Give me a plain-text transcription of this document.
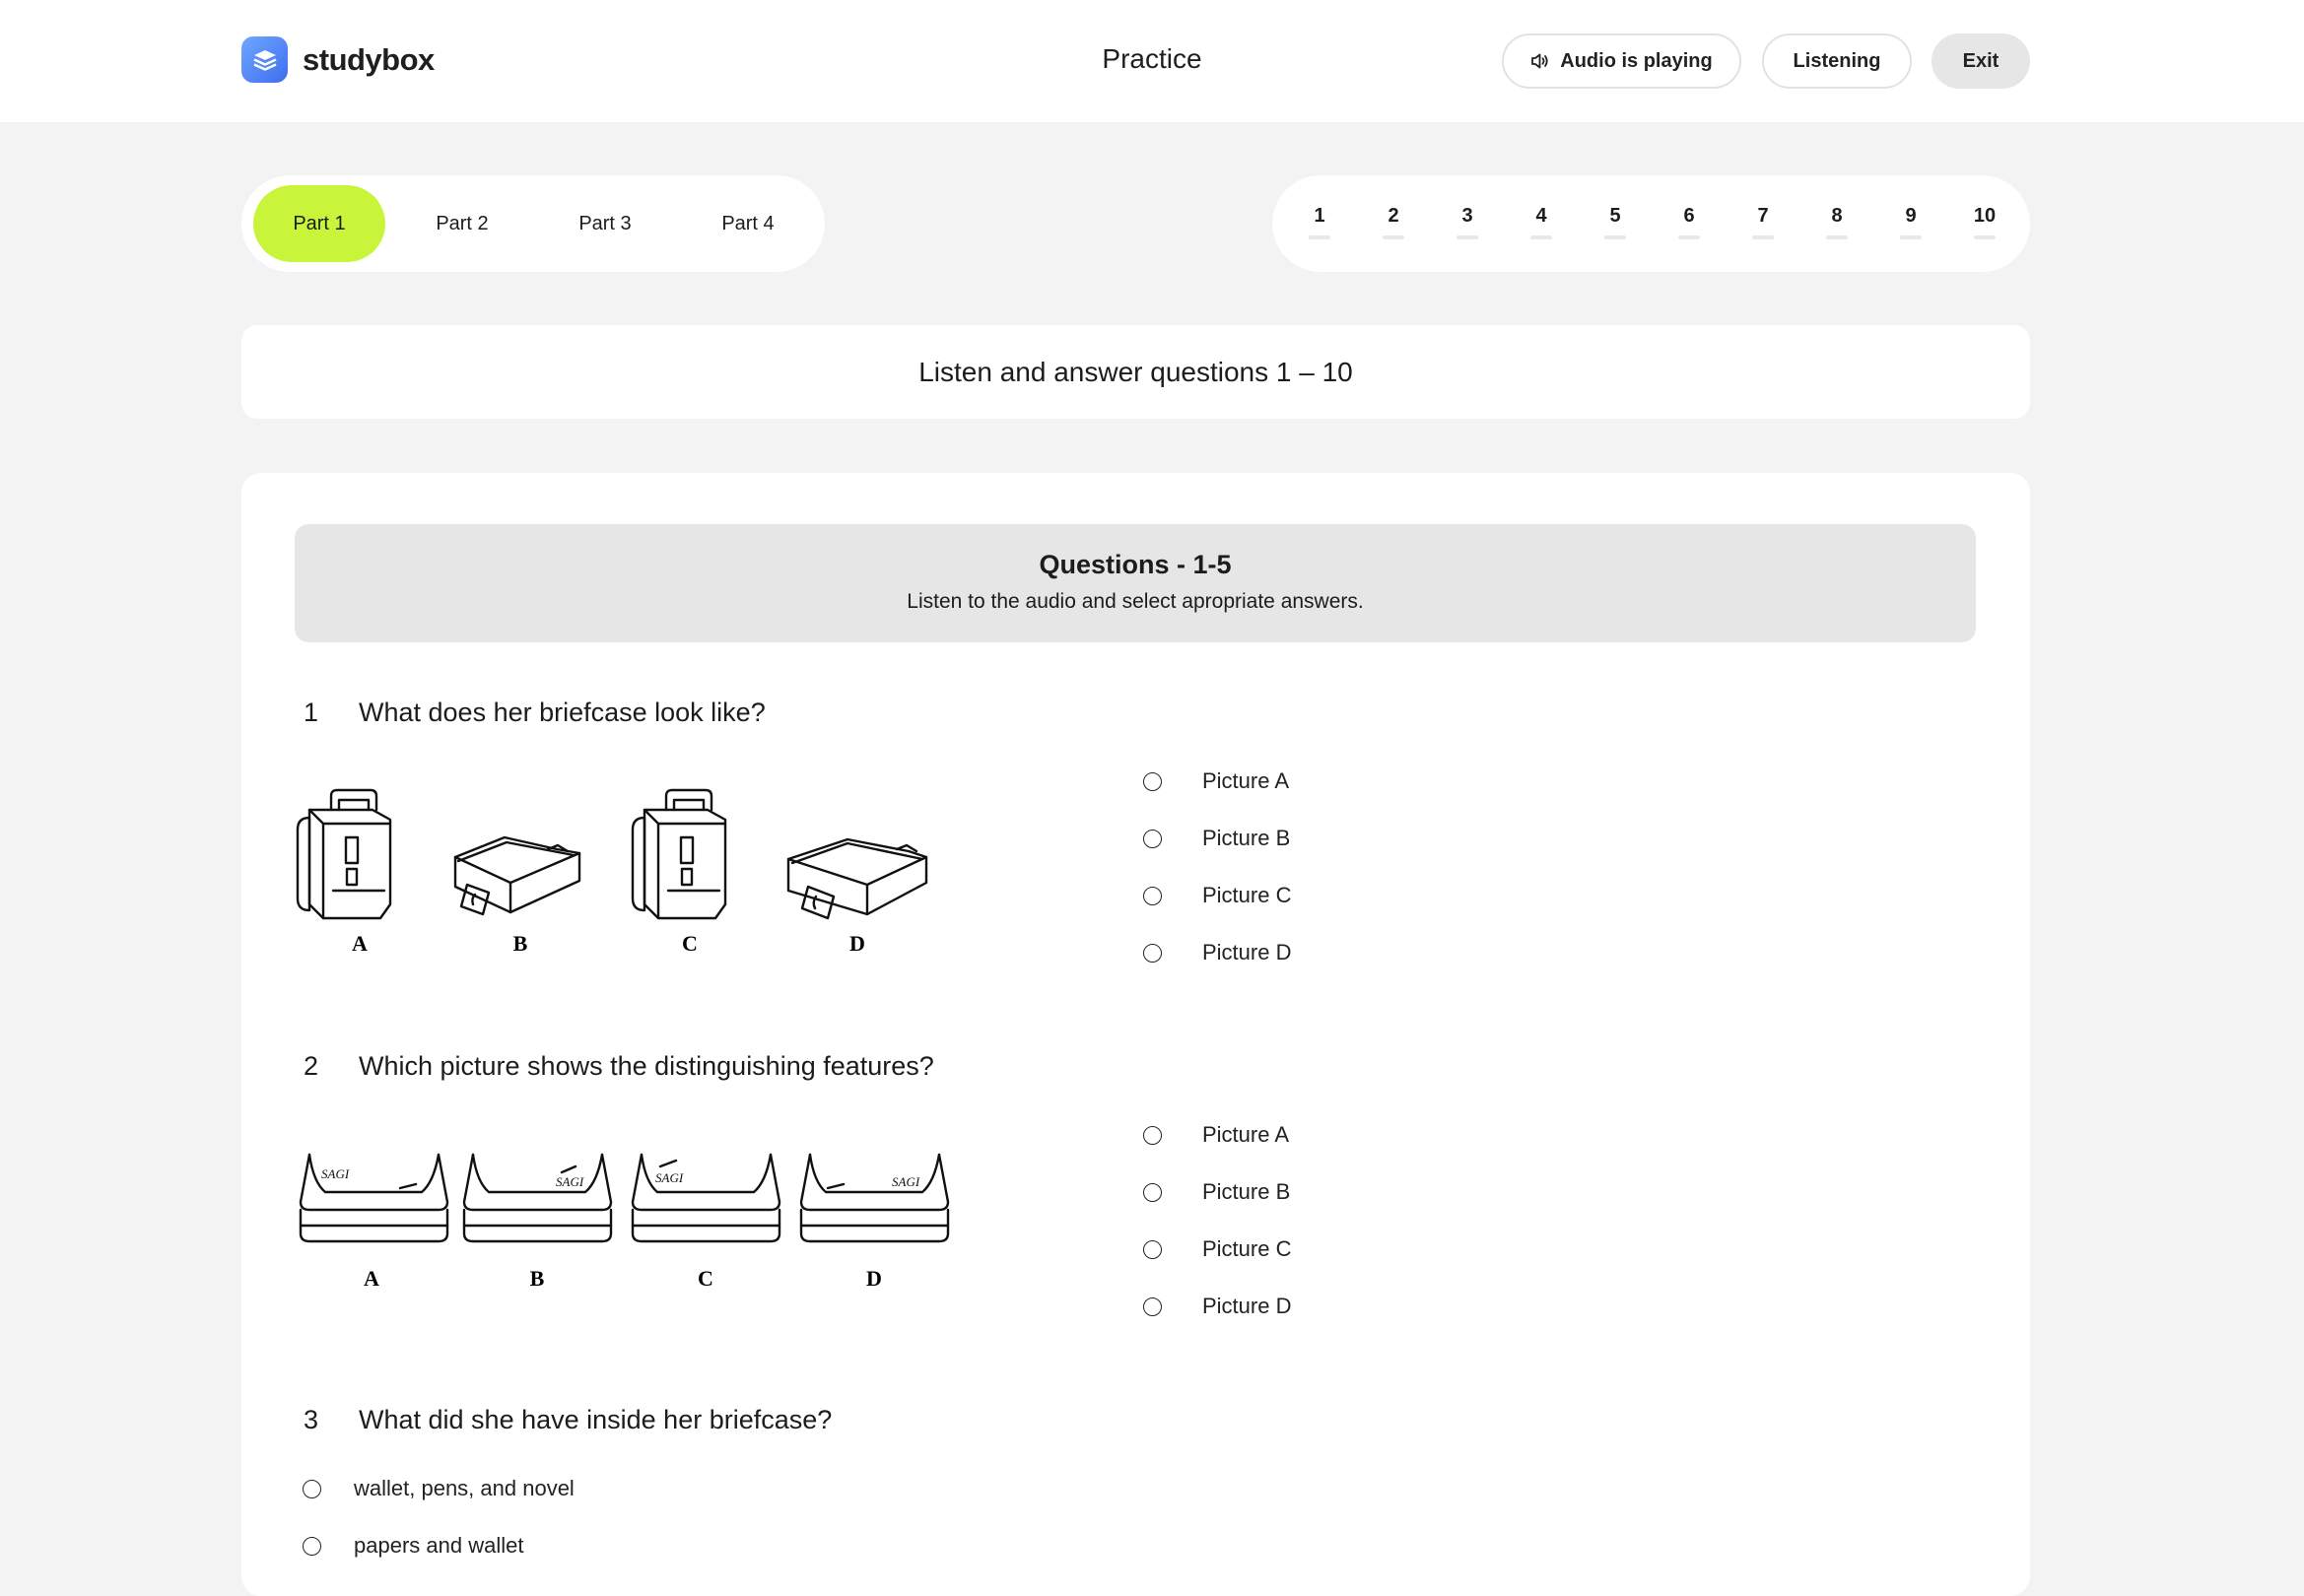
studybox	Practice	Audio is playing	Listening	Exit
Part 1	Part 2	Part 3	Part 4	1	2	3	4	5	6	7	8	9	10
Listen and answer questions 1 – 10
Questions - 1-5
Listen to the audio and select apropriate answers.
1 What does her briefcase look like?
A	B	C	D
Picture A
Picture B
Picture C
Picture D
2 Which picture shows the distinguishing features?
SAGI
SAGI	SAGI	SAGI
A	B	C	D
Picture A
Picture B
Picture C
Picture D
3 What did she have inside her briefcase?
wallet, pens, and novel
papers and wallet
